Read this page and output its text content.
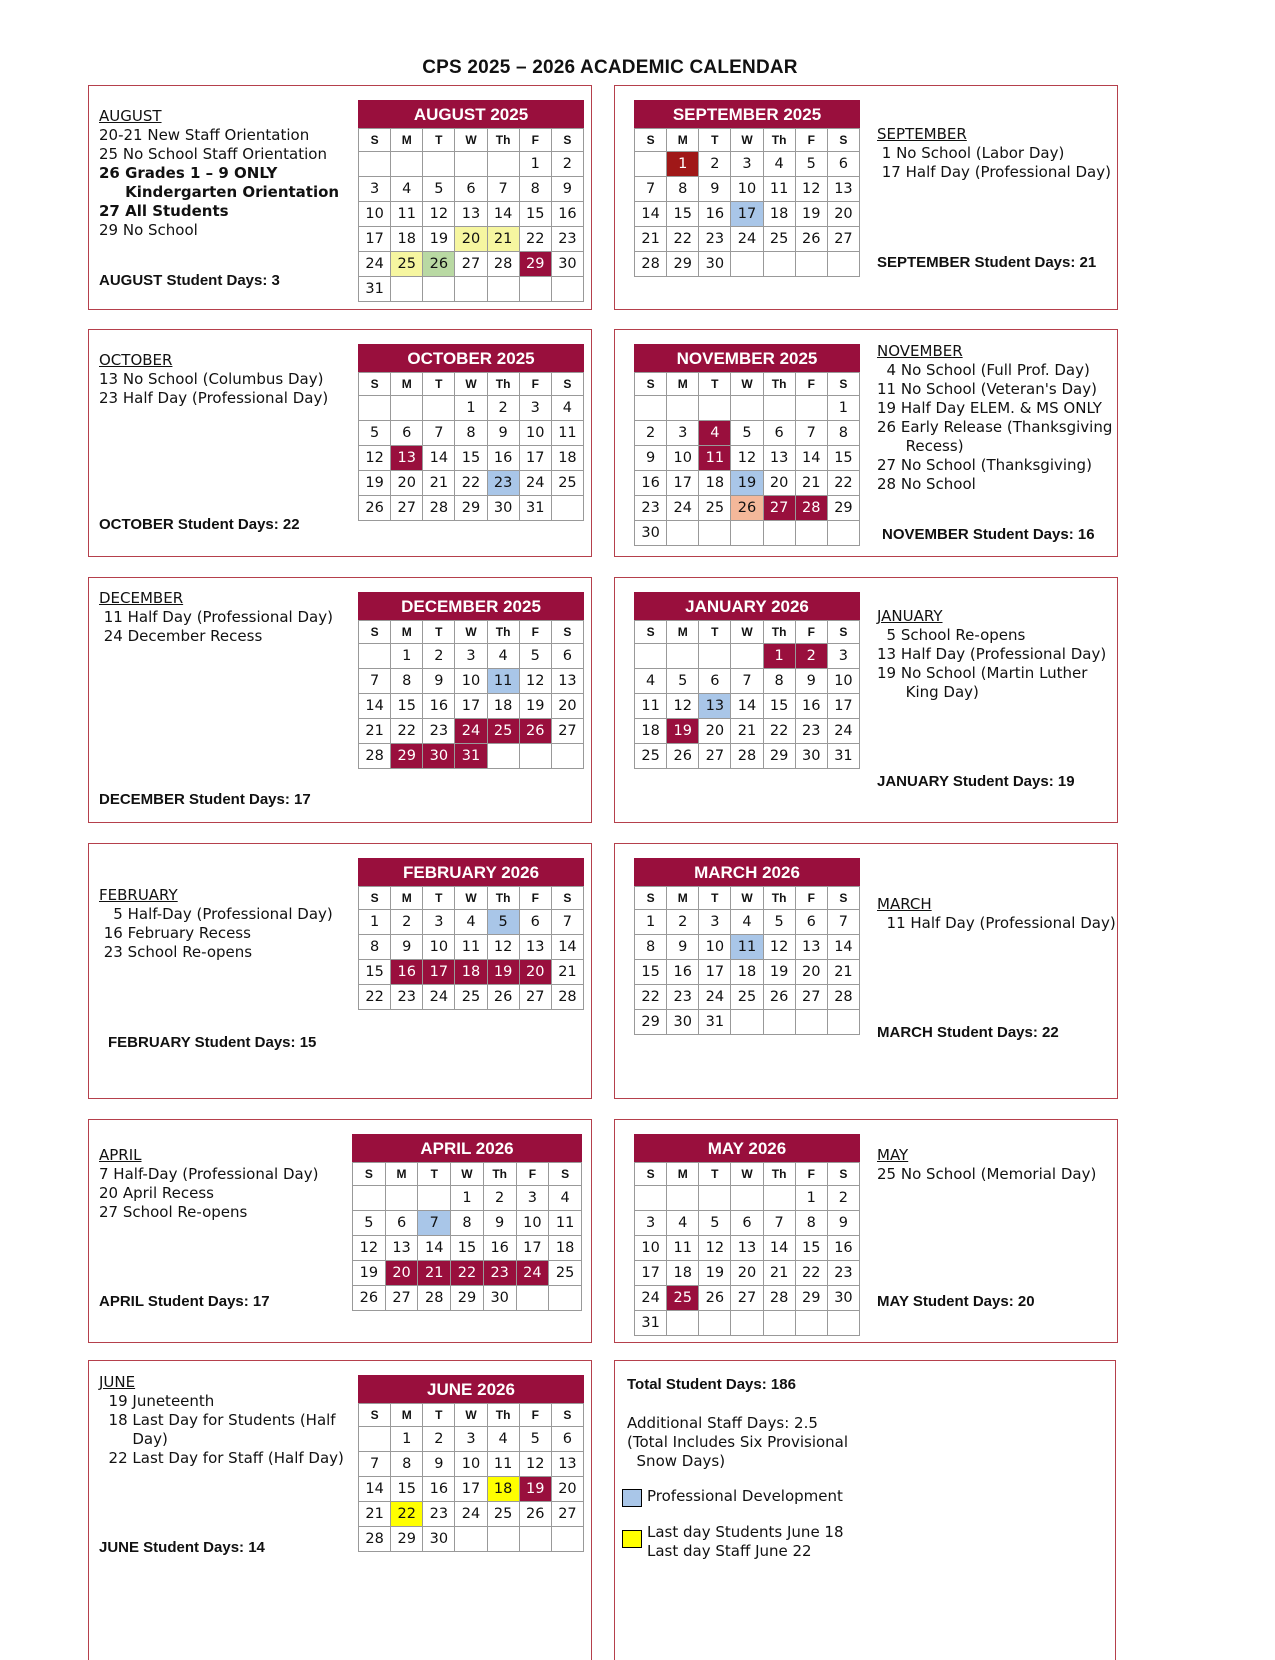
CPS 2025 – 2026 ACADEMIC CALENDAR
AUGUST 2025
S	M	T	W	Th	F	S
					1	2
3	4	5	6	7	8	9
10	11	12	13	14	15	16
17	18	19	20	21	22	23
24	25	26	27	28	29	30
31						
AUGUST
20-21 New Staff Orientation
25 No School Staff Orientation
26 Grades 1 – 9 ONLY
Kindergarten Orientation
27 All Students
29 No School
AUGUST Student Days: 3
SEPTEMBER 2025
S	M	T	W	Th	F	S
	1	2	3	4	5	6
7	8	9	10	11	12	13
14	15	16	17	18	19	20
21	22	23	24	25	26	27
28	29	30				
SEPTEMBER
1 No School (Labor Day)
17 Half Day (Professional Day)
SEPTEMBER Student Days: 21
OCTOBER 2025
S	M	T	W	Th	F	S
			1	2	3	4
5	6	7	8	9	10	11
12	13	14	15	16	17	18
19	20	21	22	23	24	25
26	27	28	29	30	31	
OCTOBER
13 No School (Columbus Day)
23 Half Day (Professional Day)
OCTOBER Student Days: 22
NOVEMBER 2025
S	M	T	W	Th	F	S
						1
2	3	4	5	6	7	8
9	10	11	12	13	14	15
16	17	18	19	20	21	22
23	24	25	26	27	28	29
30						
NOVEMBER
4 No School (Full Prof. Day)
11 No School (Veteran's Day)
19 Half Day ELEM. & MS ONLY
26 Early Release (Thanksgiving
Recess)
27 No School (Thanksgiving)
28 No School
NOVEMBER Student Days: 16
DECEMBER 2025
S	M	T	W	Th	F	S
	1	2	3	4	5	6
7	8	9	10	11	12	13
14	15	16	17	18	19	20
21	22	23	24	25	26	27
28	29	30	31			
DECEMBER
11 Half Day (Professional Day)
24 December Recess
DECEMBER Student Days: 17
JANUARY 2026
S	M	T	W	Th	F	S
				1	2	3
4	5	6	7	8	9	10
11	12	13	14	15	16	17
18	19	20	21	22	23	24
25	26	27	28	29	30	31
JANUARY
5 School Re-opens
13 Half Day (Professional Day)
19 No School (Martin Luther
King Day)
JANUARY Student Days: 19
FEBRUARY 2026
S	M	T	W	Th	F	S
1	2	3	4	5	6	7
8	9	10	11	12	13	14
15	16	17	18	19	20	21
22	23	24	25	26	27	28
FEBRUARY
5 Half-Day (Professional Day)
16 February Recess
23 School Re-opens
FEBRUARY Student Days: 15
MARCH 2026
S	M	T	W	Th	F	S
1	2	3	4	5	6	7
8	9	10	11	12	13	14
15	16	17	18	19	20	21
22	23	24	25	26	27	28
29	30	31				
MARCH
11 Half Day (Professional Day)
MARCH Student Days: 22
APRIL 2026
S	M	T	W	Th	F	S
			1	2	3	4
5	6	7	8	9	10	11
12	13	14	15	16	17	18
19	20	21	22	23	24	25
26	27	28	29	30		
APRIL
7 Half-Day (Professional Day)
20 April Recess
27 School Re-opens
APRIL Student Days: 17
MAY 2026
S	M	T	W	Th	F	S
					1	2
3	4	5	6	7	8	9
10	11	12	13	14	15	16
17	18	19	20	21	22	23
24	25	26	27	28	29	30
31						
MAY
25 No School (Memorial Day)
MAY Student Days: 20
JUNE 2026
S	M	T	W	Th	F	S
	1	2	3	4	5	6
7	8	9	10	11	12	13
14	15	16	17	18	19	20
21	22	23	24	25	26	27
28	29	30				
JUNE
19 Juneteenth
18 Last Day for Students (Half
Day)
22 Last Day for Staff (Half Day)
JUNE Student Days: 14
Total Student Days: 186
Additional Staff Days: 2.5
(Total Includes Six Provisional
Snow Days)
Professional Development
Last day Students June 18
Last day Staff June 22
